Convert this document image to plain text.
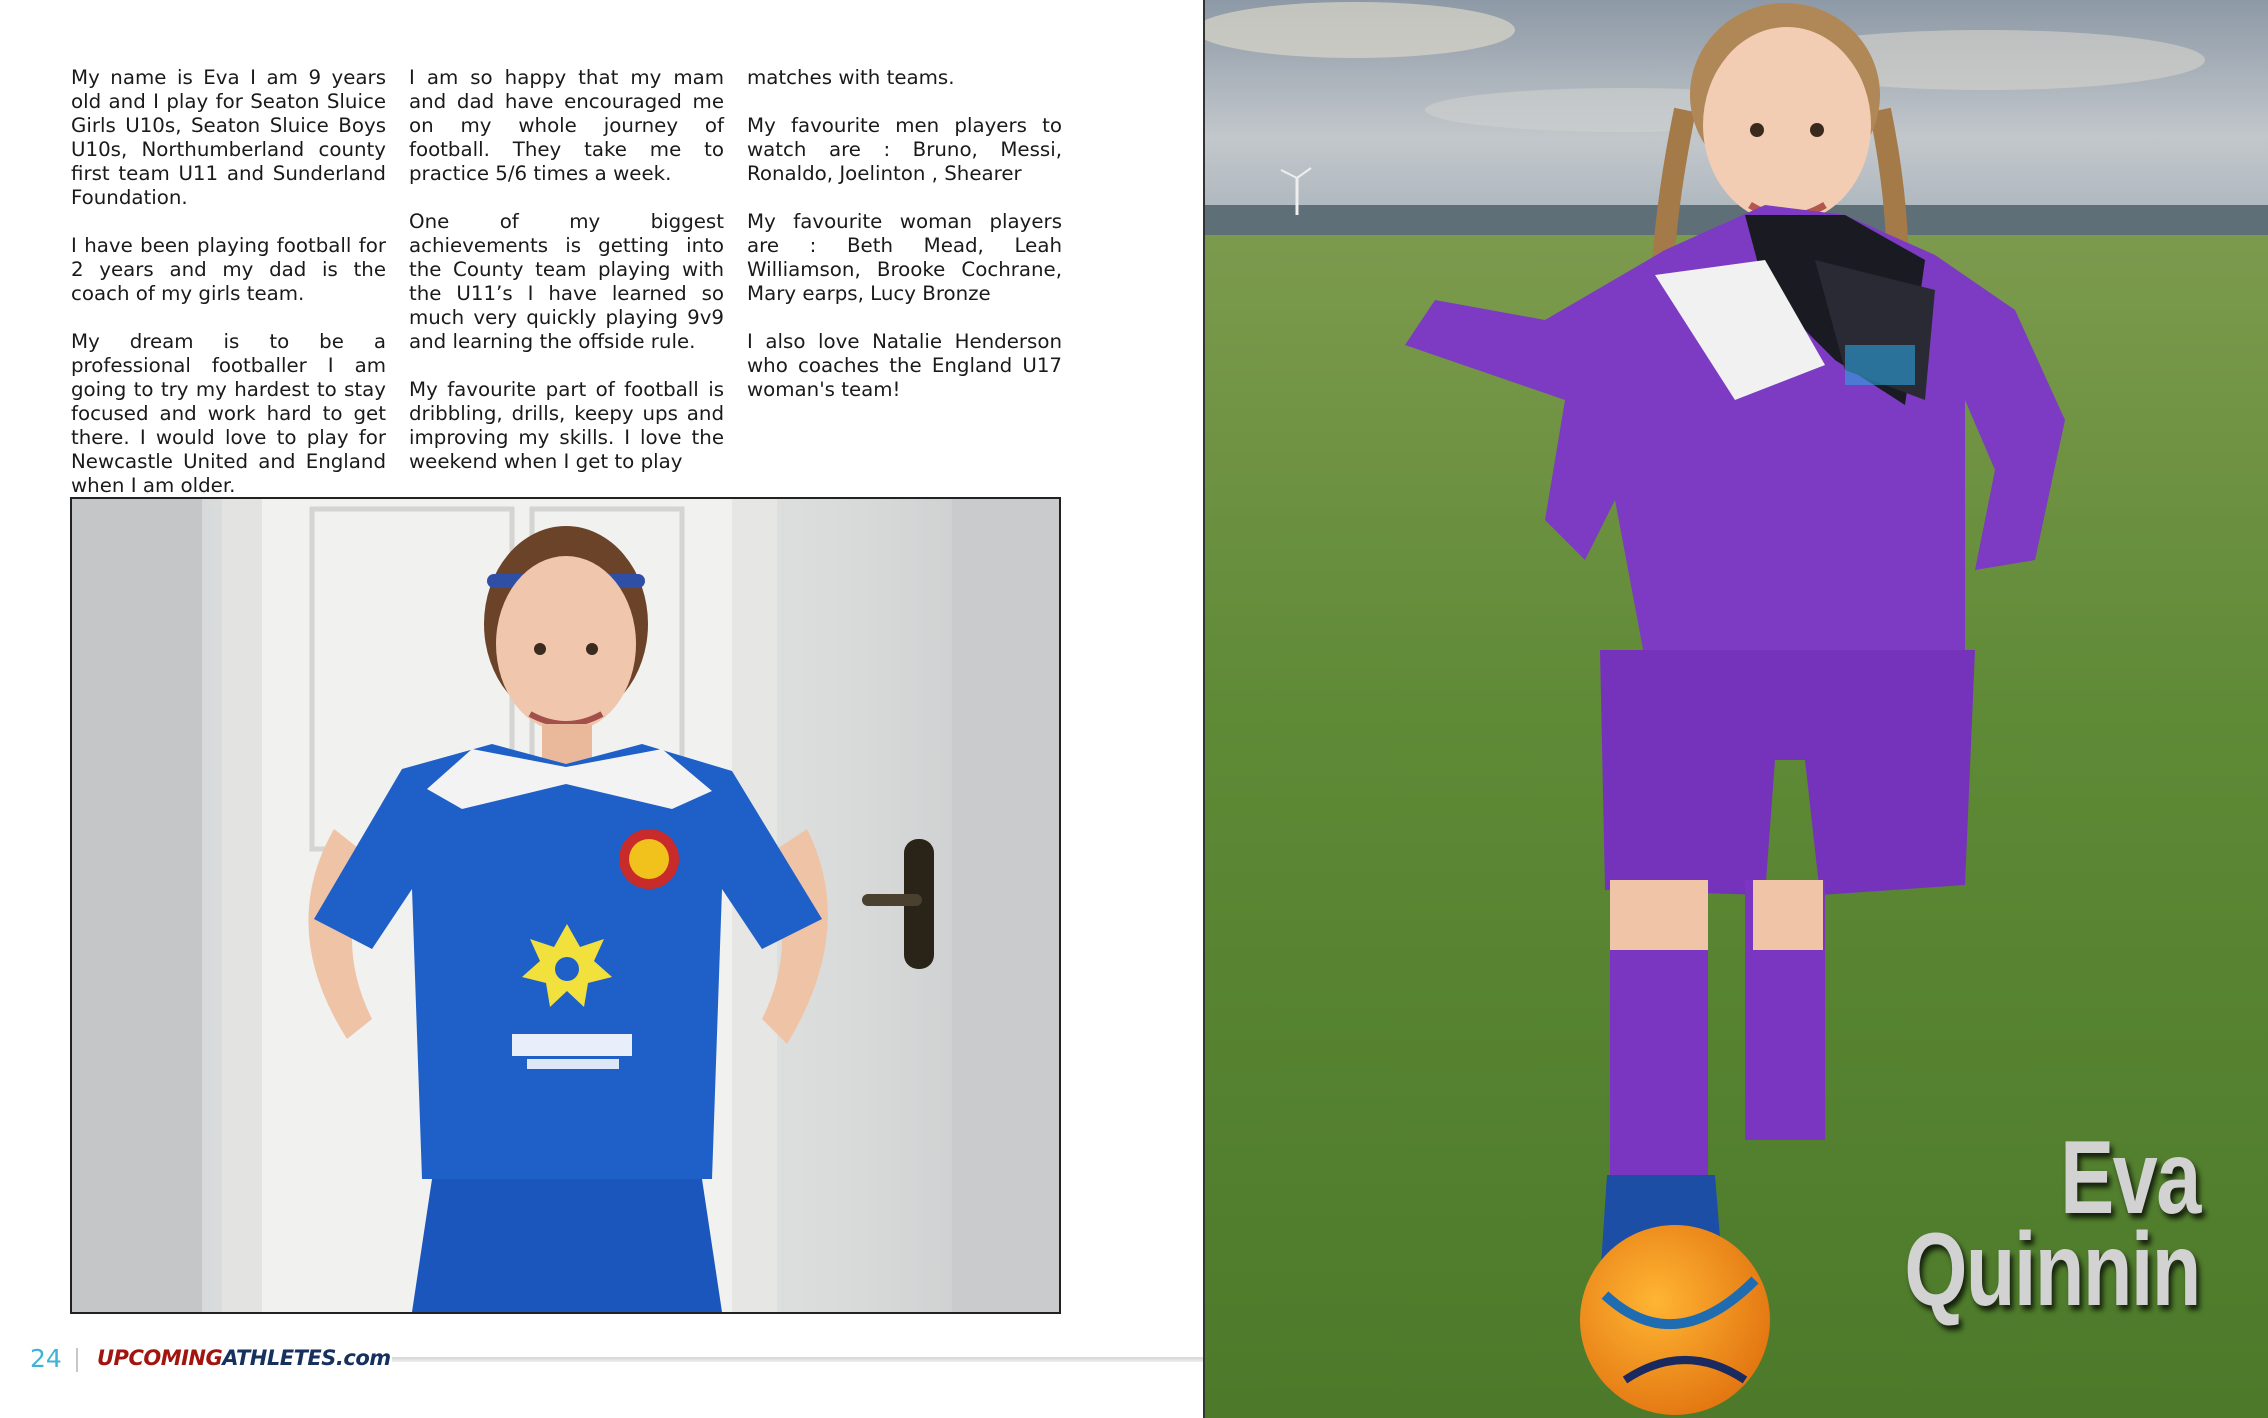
My name is Eva I am 9 years old and I play for Seaton Sluice Girls U10s, Seaton Sluice Boys U10s, Northumberland county first team U11 and Sunderland Foundation.

I have been playing football for 2 years and my dad is the coach of my girls team.

My dream is to be a professional footballer I am going to try my hardest to stay focused and work hard to get there. I would love to play for Newcastle United and England when I am older.

I am so happy that my mam and dad have encouraged me on my whole journey of football. They take me to practice 5/6 times a week.

One of my biggest achievements is getting into the County team playing with the U11’s I have learned so much very quickly playing 9v9 and learning the offside rule.

My favourite part of football is dribbling, drills, keepy ups and improving my skills. I love the weekend when I get to play

matches with teams.

My favourite men players to watch are : Bruno, Messi, Ronaldo, Joelinton , Shearer

My favourite woman players are : Beth Mead, Leah Williamson, Brooke Cochrane, Mary earps, Lucy Bronze

I also love Natalie Henderson who coaches the England U17 woman's team!

24 UPCOMINGATHLETES.com
Eva
Quinnin
